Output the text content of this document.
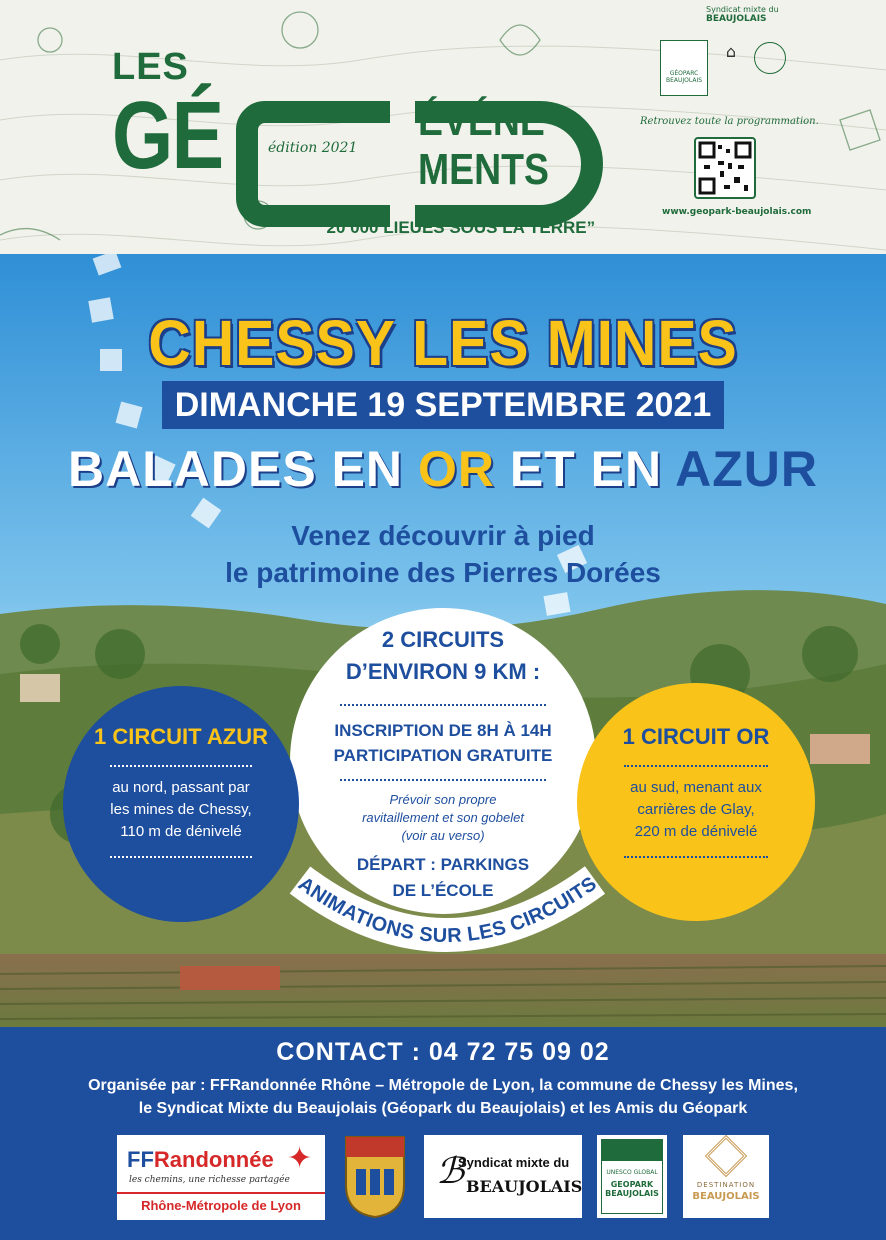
LES
GÉ	ÉVÉNE
MENTS
édition 2021
“20 000 LIEUES SOUS LA TERRE”
Syndicat mixte du
BEAUJOLAIS
GÉOPARC BEAUJOLAIS
⌂
Retrouvez toute la programmation.
www.geopark-beaujolais.com
CHESSY LES MINES
DIMANCHE 19 SEPTEMBRE 2021
BALADES EN OR ET EN AZUR
Venez découvrir à pied
le patrimoine des Pierres Dorées
1 CIRCUIT AZUR
au nord, passant par
les mines de Chessy,
110 m de dénivelé
1 CIRCUIT OR
au sud, menant aux
carrières de Glay,
220 m de dénivelé
2 CIRCUITS
D’ENVIRON 9 KM :
INSCRIPTION DE 8H À 14H
PARTICIPATION GRATUITE
Prévoir son propre
ravitaillement et son gobelet
(voir au verso)
DÉPART : PARKINGS
DE L’ÉCOLE
ANIMATIONS SUR LES CIRCUITS
CONTACT : 04 72 75 09 02
Organisée par : FFRandonnée Rhône – Métropole de Lyon, la commune de Chessy les Mines,
le Syndicat Mixte du Beaujolais (Géopark du Beaujolais) et les Amis du Géopark
FFRandonnée ✦
les chemins, une richesse partagée
Rhône-Métropole de Lyon
Syndicat mixte du
ℬ BEAUJOLAIS
UNESCO GLOBAL
GEOPARK BEAUJOLAIS
DESTINATION
BEAUJOLAIS
